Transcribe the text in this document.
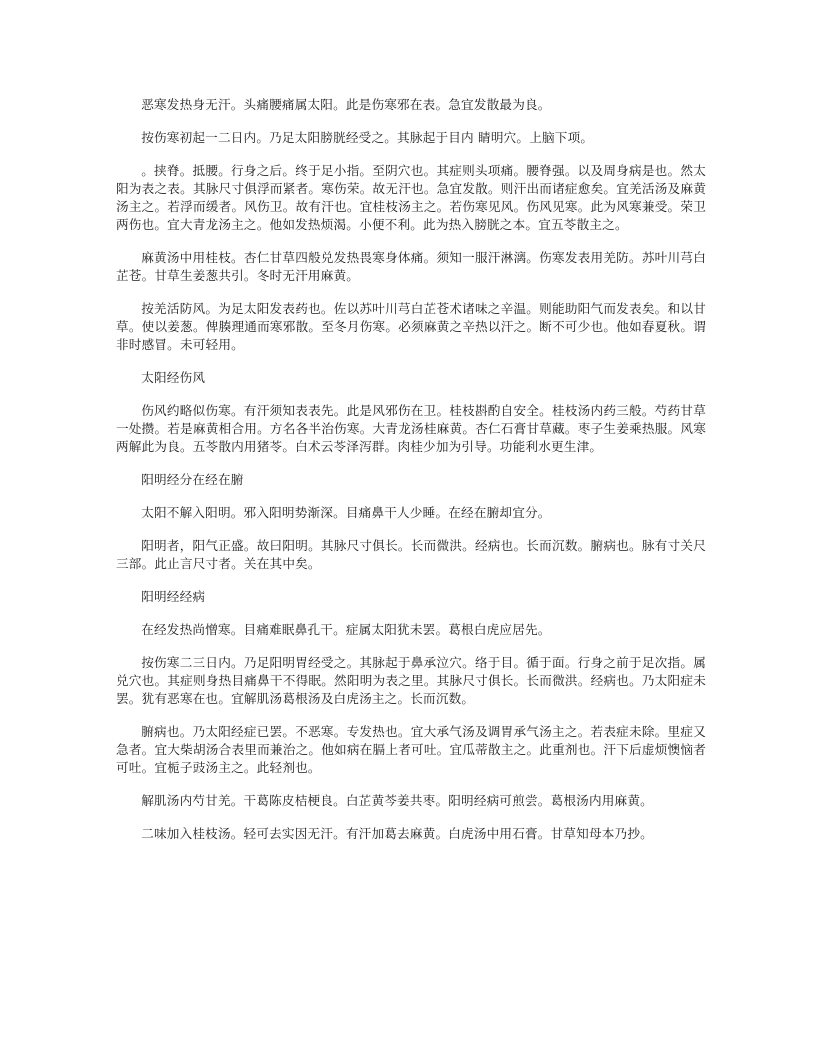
恶寒发热身无汗。头痛腰痛属太阳。此是伤寒邪在表。急宜发散最为良。

按伤寒初起一二日内。乃足太阳膀胱经受之。其脉起于目内 睛明穴。上脑下项。

。挟脊。抵腰。行身之后。终于足小指。至阴穴也。其症则头项痛。腰脊强。以及周身病是也。然太阳为表之表。其脉尺寸俱浮而紧者。寒伤荣。故无汗也。急宜发散。则汗出而诸症愈矣。宜羌活汤及麻黄汤主之。若浮而缓者。风伤卫。故有汗也。宜桂枝汤主之。若伤寒见风。伤风见寒。此为风寒兼受。荣卫两伤也。宜大青龙汤主之。他如发热烦渴。小便不利。此为热入膀胱之本。宜五苓散主之。

麻黄汤中用桂枝。杏仁甘草四般兑发热畏寒身体痛。须知一服汗淋漓。伤寒发表用羌防。苏叶川芎白芷苍。甘草生姜葱共引。冬时无汗用麻黄。

按羌活防风。为足太阳发表药也。佐以苏叶川芎白芷苍术诸味之辛温。则能助阳气而发表矣。和以甘草。使以姜葱。俾腠理通而寒邪散。至冬月伤寒。必须麻黄之辛热以汗之。断不可少也。他如春夏秋。谓非时感冒。未可轻用。

太阳经伤风

伤风约略似伤寒。有汗须知表表先。此是风邪伤在卫。桂枝斟酌自安全。桂枝汤内药三般。芍药甘草一处攒。若是麻黄相合用。方名各半治伤寒。大青龙汤桂麻黄。杏仁石膏甘草藏。枣子生姜乘热服。风寒两解此为良。五苓散内用猪苓。白术云苓泽泻群。肉桂少加为引导。功能利水更生津。

阳明经分在经在腑

太阳不解入阳明。邪入阳明势渐深。目痛鼻干人少睡。在经在腑却宜分。

阳明者，阳气正盛。故曰阳明。其脉尺寸俱长。长而微洪。经病也。长而沉数。腑病也。脉有寸关尺三部。此止言尺寸者。关在其中矣。

阳明经经病

在经发热尚憎寒。目痛难眠鼻孔干。症属太阳犹未罢。葛根白虎应居先。

按伤寒二三日内。乃足阳明胃经受之。其脉起于鼻承泣穴。络于目。循于面。行身之前于足次指。属兑穴也。其症则身热目痛鼻干不得眠。然阳明为表之里。其脉尺寸俱长。长而微洪。经病也。乃太阳症未罢。犹有恶寒在也。宜解肌汤葛根汤及白虎汤主之。长而沉数。

腑病也。乃太阳经症已罢。不恶寒。专发热也。宜大承气汤及调胃承气汤主之。若表症未除。里症又急者。宜大柴胡汤合表里而兼治之。他如病在膈上者可吐。宜瓜蒂散主之。此重剂也。汗下后虚烦懊恼者可吐。宜栀子豉汤主之。此轻剂也。

解肌汤内芍甘羌。干葛陈皮桔梗良。白芷黄芩姜共枣。阳明经病可煎尝。葛根汤内用麻黄。

二味加入桂枝汤。轻可去实因无汗。有汗加葛去麻黄。白虎汤中用石膏。甘草知母本乃抄。
